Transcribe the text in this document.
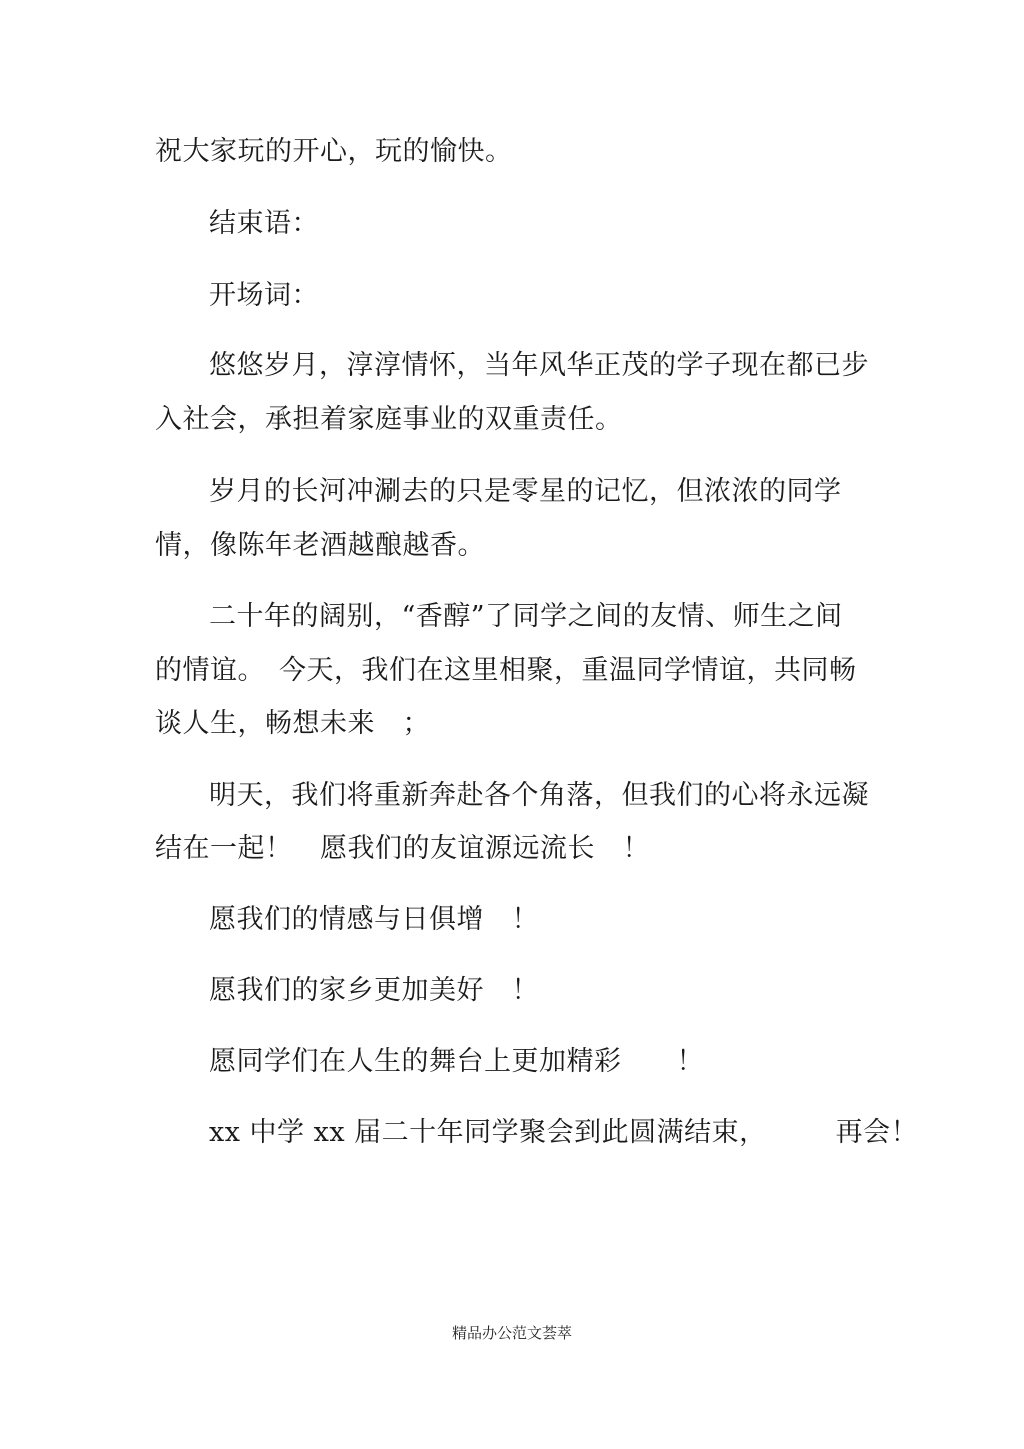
祝大家玩的开心，玩的愉快。
结束语：
开场词：
悠悠岁月，淳淳情怀，当年风华正茂的学子现在都已步
入社会，承担着家庭事业的双重责任。
岁月的长河冲涮去的只是零星的记忆，但浓浓的同学
情，像陈年老酒越酿越香。
二十年的阔别，“香醇”了同学之间的友情、师生之间
的情谊。　今天，我们在这里相聚，重温同学情谊，共同畅
谈人生，畅想未来　；
明天，我们将重新奔赴各个角落，但我们的心将永远凝
结在一起！　愿我们的友谊源远流长　！
愿我们的情感与日俱增　！
愿我们的家乡更加美好　！
愿同学们在人生的舞台上更加精彩　　！
xx 中学 xx 届二十年同学聚会到此圆满结束，　　　再会！
精品办公范文荟萃
